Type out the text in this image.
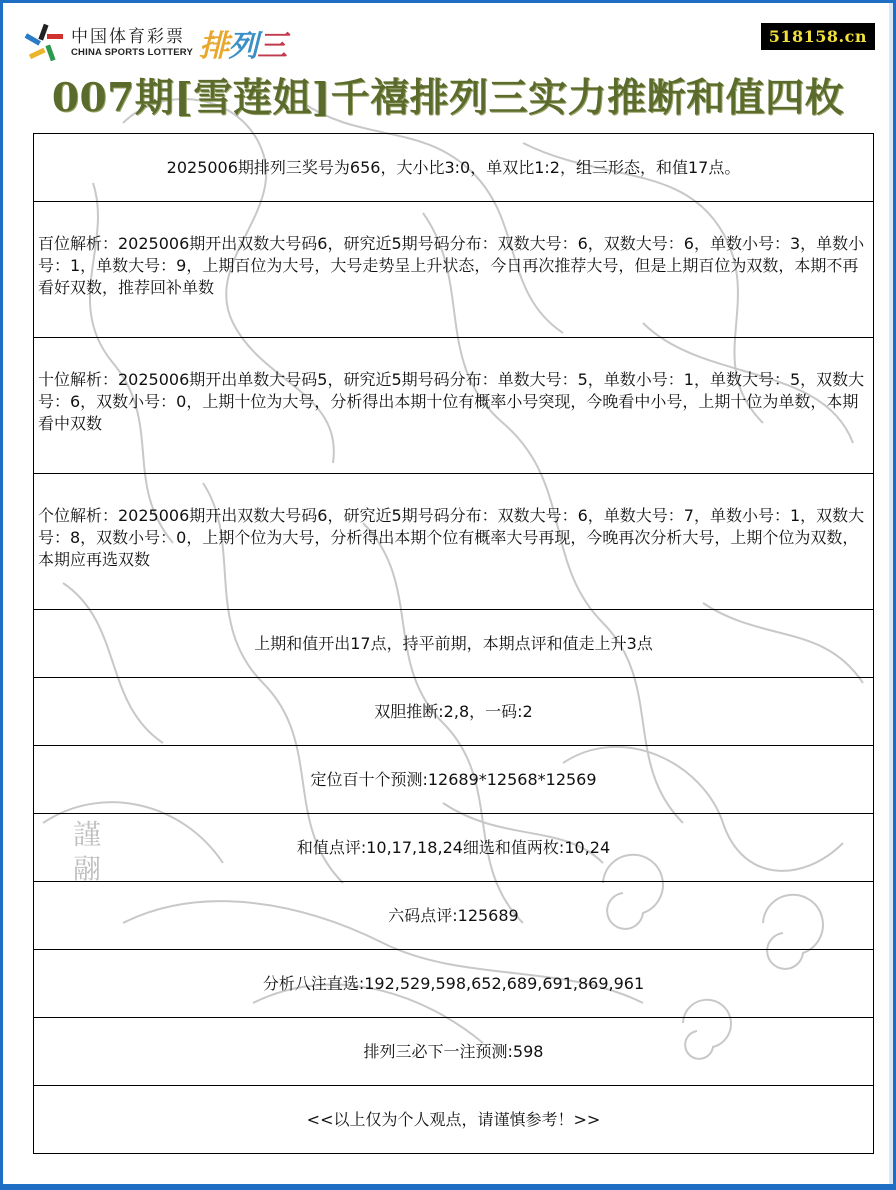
謹
翮
中国体育彩票
CHINA SPORTS LOTTERY 排 列 三	518158.cn
007期[雪莲姐]千禧排列三实力推断和值四枚
2025006期排列三奖号为656，大小比3:0，单双比1:2，组三形态，和值17点。

百位解析：2025006期开出双数大号码6，研究近5期号码分布：双数大号：6，双数大号：6，单数小号：3，单数小号：1，单数大号：9，上期百位为大号，大号走势呈上升状态，今日再次推荐大号，但是上期百位为双数，本期不再看好双数，推荐回补单数

十位解析：2025006期开出单数大号码5，研究近5期号码分布：单数大号：5，单数小号：1，单数大号：5，双数大号：6，双数小号：0，上期十位为大号，分析得出本期十位有概率小号突现，今晚看中小号，上期十位为单数，本期看中双数

个位解析：2025006期开出双数大号码6，研究近5期号码分布：双数大号：6，单数大号：7，单数小号：1，双数大号：8，双数小号：0，上期个位为大号，分析得出本期个位有概率大号再现，今晚再次分析大号，上期个位为双数，本期应再选双数

上期和值开出17点，持平前期，本期点评和值走上升3点
双胆推断:2,8，一码:2
定位百十个预测:12689*12568*12569
和值点评:10,17,18,24细选和值两枚:10,24
六码点评:125689
分析八注直选:192,529,598,652,689,691,869,961
排列三必下一注预测:598
<<以上仅为个人观点，请谨慎参考！>>
